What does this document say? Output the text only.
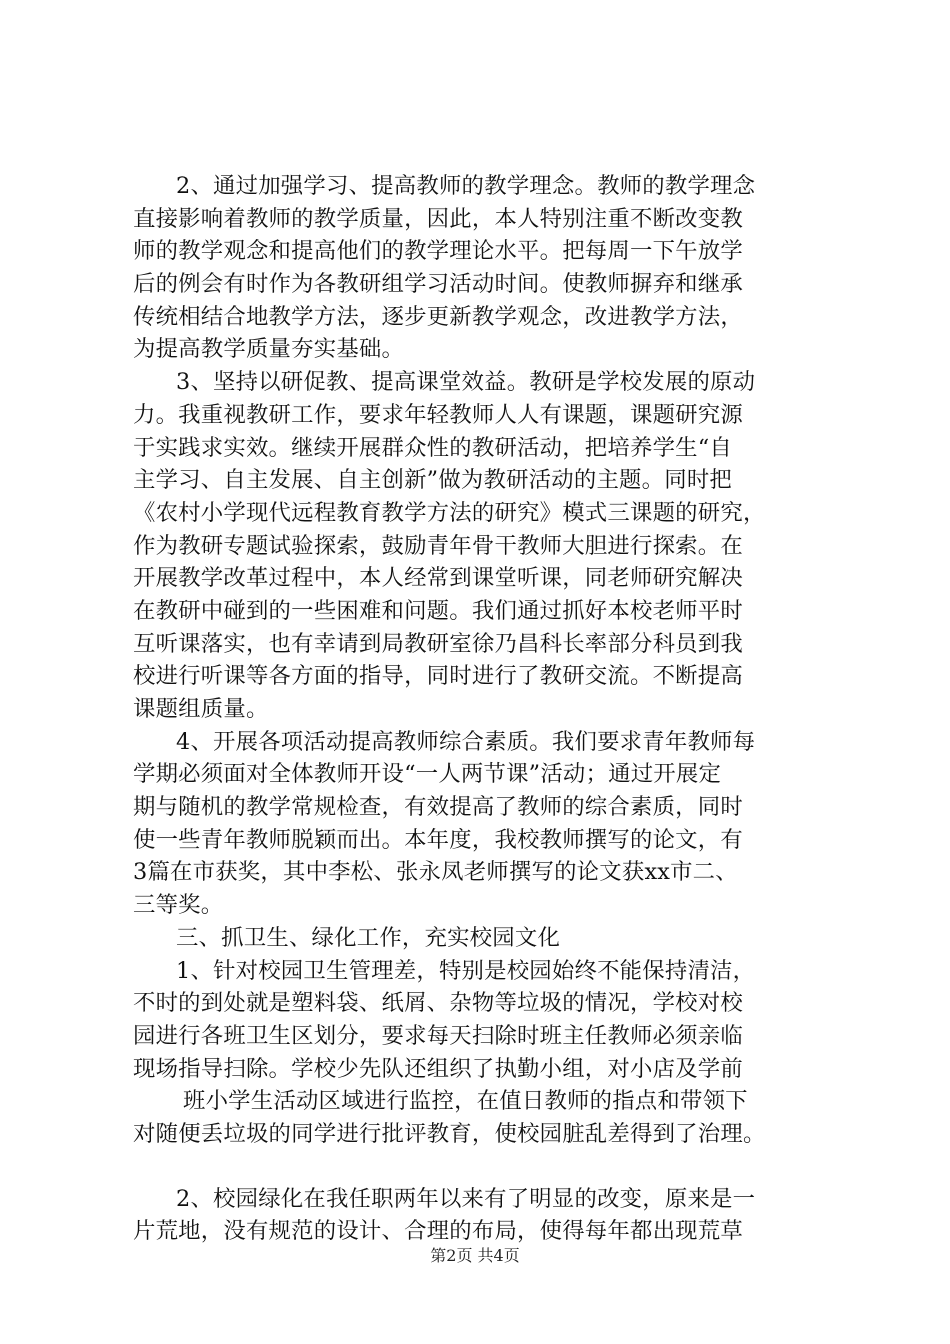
2、通过加强学习、提高教师的教学理念。教师的教学理念
直接影响着教师的教学质量，因此，本人特别注重不断改变教
师的教学观念和提高他们的教学理论水平。把每周一下午放学
后的例会有时作为各教研组学习活动时间。使教师摒弃和继承
传统相结合地教学方法，逐步更新教学观念，改进教学方法，
为提高教学质量夯实基础。
3、坚持以研促教、提高课堂效益。教研是学校发展的原动
力。我重视教研工作，要求年轻教师人人有课题，课题研究源
于实践求实效。继续开展群众性的教研活动，把培养学生“自
主学习、自主发展、自主创新”做为教研活动的主题。同时把
《农村小学现代远程教育教学方法的研究》模式三课题的研究，
作为教研专题试验探索，鼓励青年骨干教师大胆进行探索。在
开展教学改革过程中，本人经常到课堂听课，同老师研究解决
在教研中碰到的一些困难和问题。我们通过抓好本校老师平时
互听课落实，也有幸请到局教研室徐乃昌科长率部分科员到我
校进行听课等各方面的指导，同时进行了教研交流。不断提高
课题组质量。
4、开展各项活动提高教师综合素质。我们要求青年教师每
学期必须面对全体教师开设“一人两节课”活动；通过开展定
期与随机的教学常规检查，有效提高了教师的综合素质，同时
使一些青年教师脱颖而出。本年度，我校教师撰写的论文，有
3篇在市获奖，其中李松、张永凤老师撰写的论文获xx市二、
三等奖。
三、抓卫生、绿化工作，充实校园文化
1、针对校园卫生管理差，特别是校园始终不能保持清洁，
不时的到处就是塑料袋、纸屑、杂物等垃圾的情况，学校对校
园进行各班卫生区划分，要求每天扫除时班主任教师必须亲临
现场指导扫除。学校少先队还组织了执勤小组，对小店及学前
班小学生活动区域进行监控，在值日教师的指点和带领下
对随便丢垃圾的同学进行批评教育，使校园脏乱差得到了治理。
2、校园绿化在我任职两年以来有了明显的改变，原来是一
片荒地，没有规范的设计、合理的布局，使得每年都出现荒草
第2页 共4页
